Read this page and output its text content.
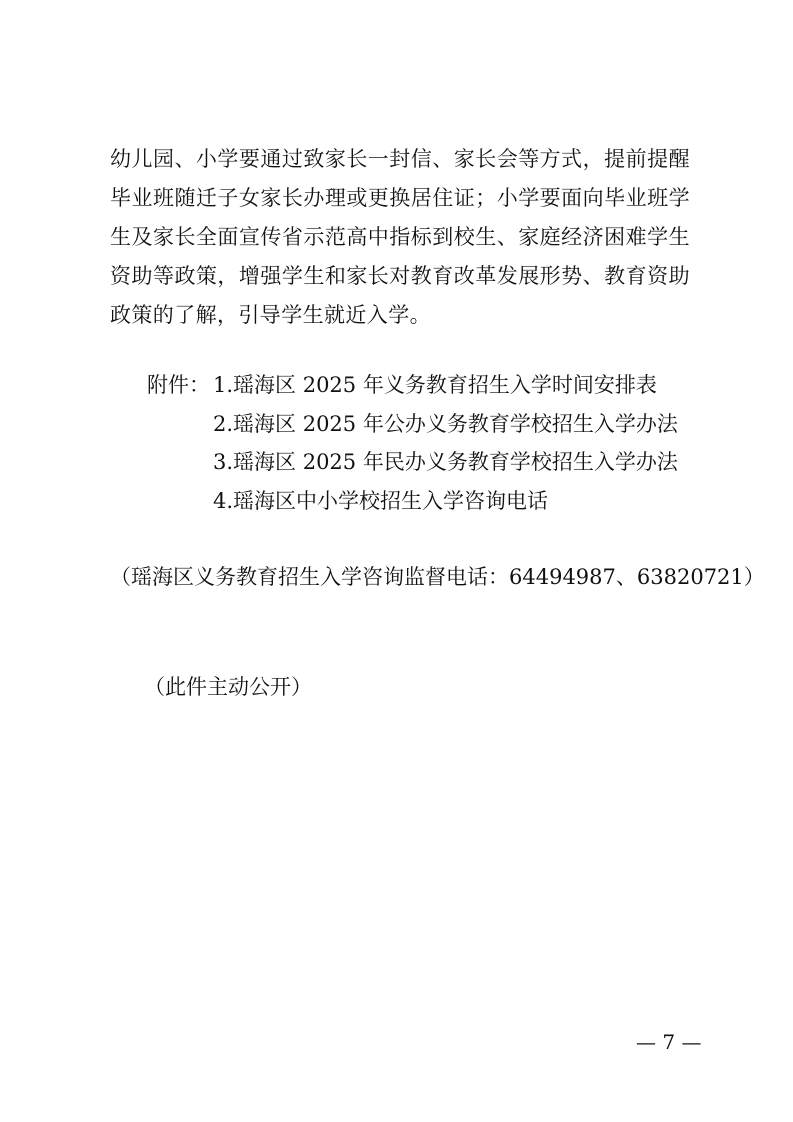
幼儿园、小学要通过致家长一封信、家长会等方式，提前提醒毕业班随迁子女家长办理或更换居住证；小学要面向毕业班学生及家长全面宣传省示范高中指标到校生、家庭经济困难学生资助等政策，增强学生和家长对教育改革发展形势、教育资助政策的了解，引导学生就近入学。

附件： 1.瑶海区 2025 年义务教育招生入学时间安排表
2.瑶海区 2025 年公办义务教育学校招生入学办法
3.瑶海区 2025 年民办义务教育学校招生入学办法
4.瑶海区中小学校招生入学咨询电话
（瑶海区义务教育招生入学咨询监督电话：64494987、63820721）
（此件主动公开）
— 7 —
